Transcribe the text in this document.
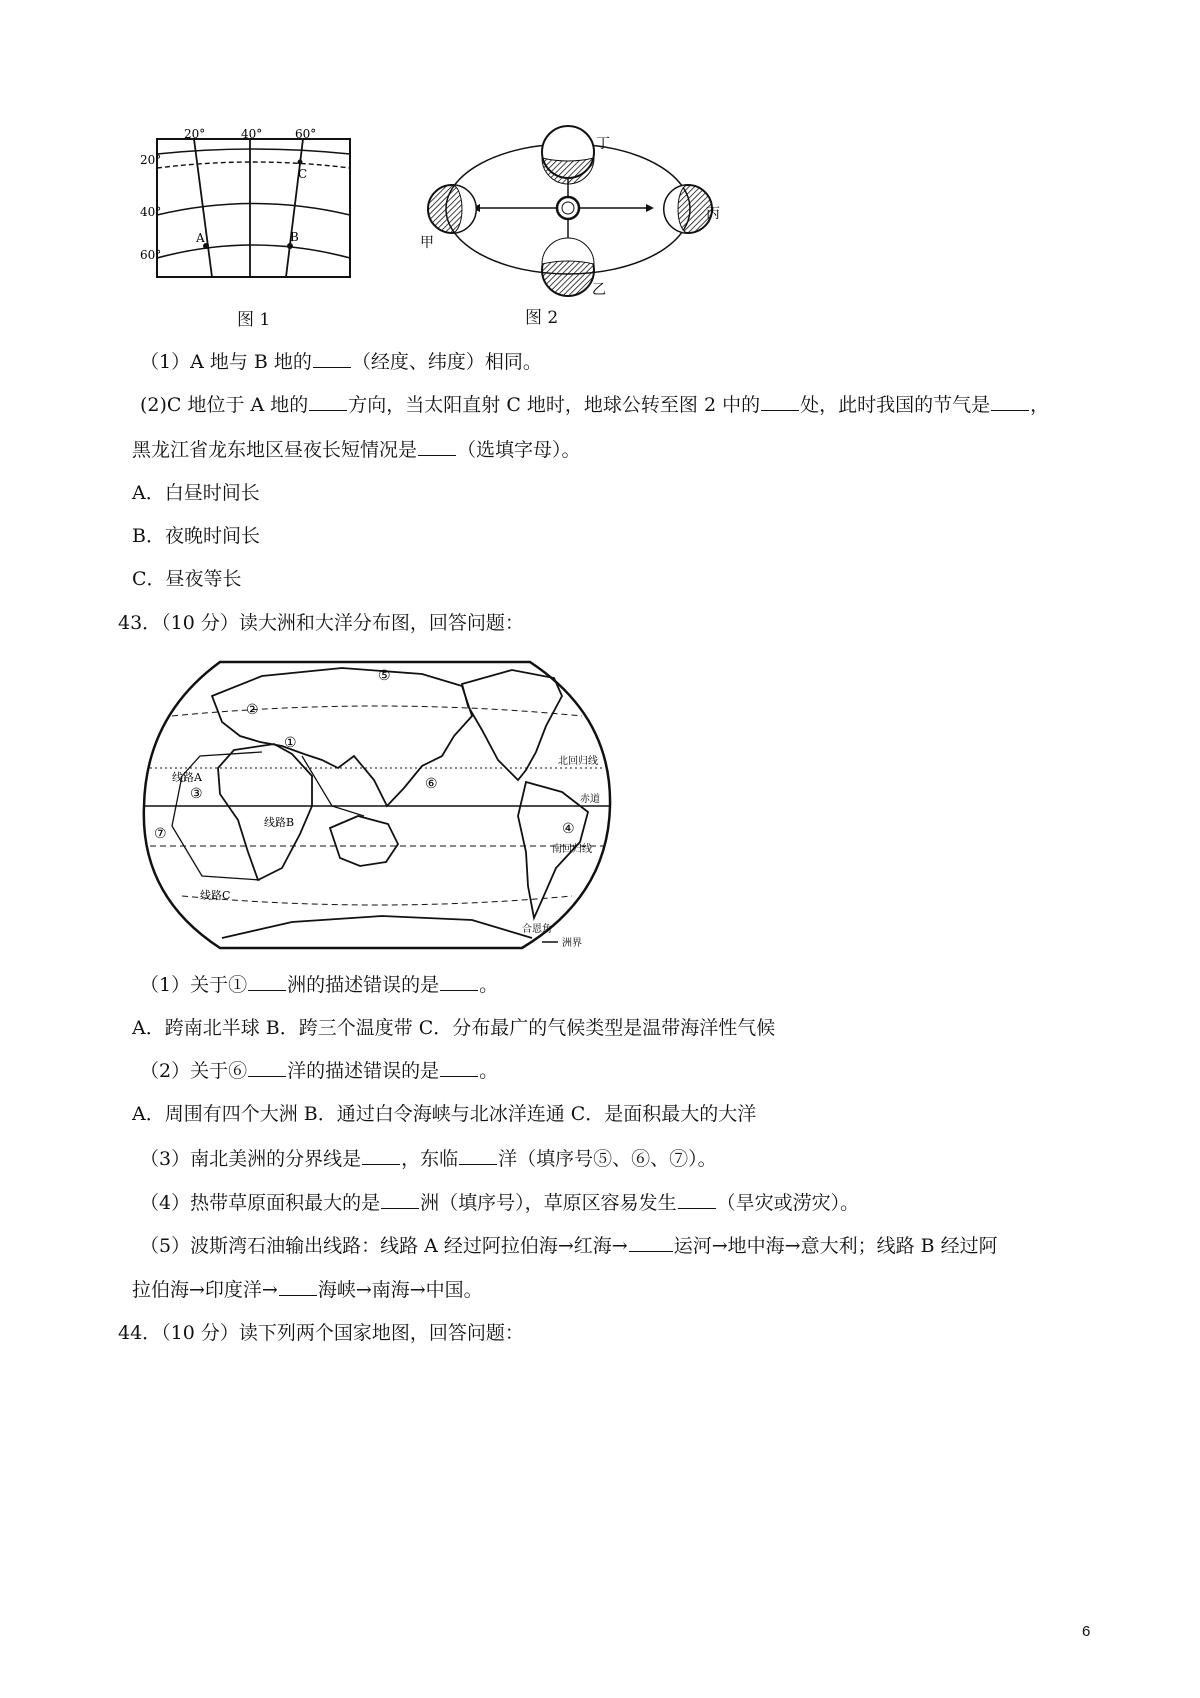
20°	40°	60°
20°
40°
60°
A	B
C
图 1
甲
乙
丙
丁
图 2
（1）A 地与 B 地的 （经度、纬度）相同。
(2)C 地位于 A 地的 方向，当太阳直射 C 地时，地球公转至图 2 中的 处，此时我国的节气是 ，
黑龙江省龙东地区昼夜长短情况是 （选填字母）。
A．白昼时间长
B．夜晚时间长
C．昼夜等长
43．（10 分）读大洲和大洋分布图，回答问题：
①
②
③
④
⑤
⑥
⑦
线路A
线路B
线路C
北回归线
赤道
南回归线
合恩角
洲界
（1）关于① 洲的描述错误的是 。
A．跨南北半球 B．跨三个温度带 C．分布最广的气候类型是温带海洋性气候
（2）关于⑥ 洋的描述错误的是 。
A．周围有四个大洲 B．通过白令海峡与北冰洋连通 C．是面积最大的大洋
（3）南北美洲的分界线是 ，东临 洋（填序号⑤、⑥、⑦）。
（4）热带草原面积最大的是 洲（填序号），草原区容易发生 （旱灾或涝灾）。
（5）波斯湾石油输出线路：线路 A 经过阿拉伯海→红海→ 运河→地中海→意大利；线路 B 经过阿
拉伯海→印度洋→ 海峡→南海→中国。
44．（10 分）读下列两个国家地图，回答问题：
6
